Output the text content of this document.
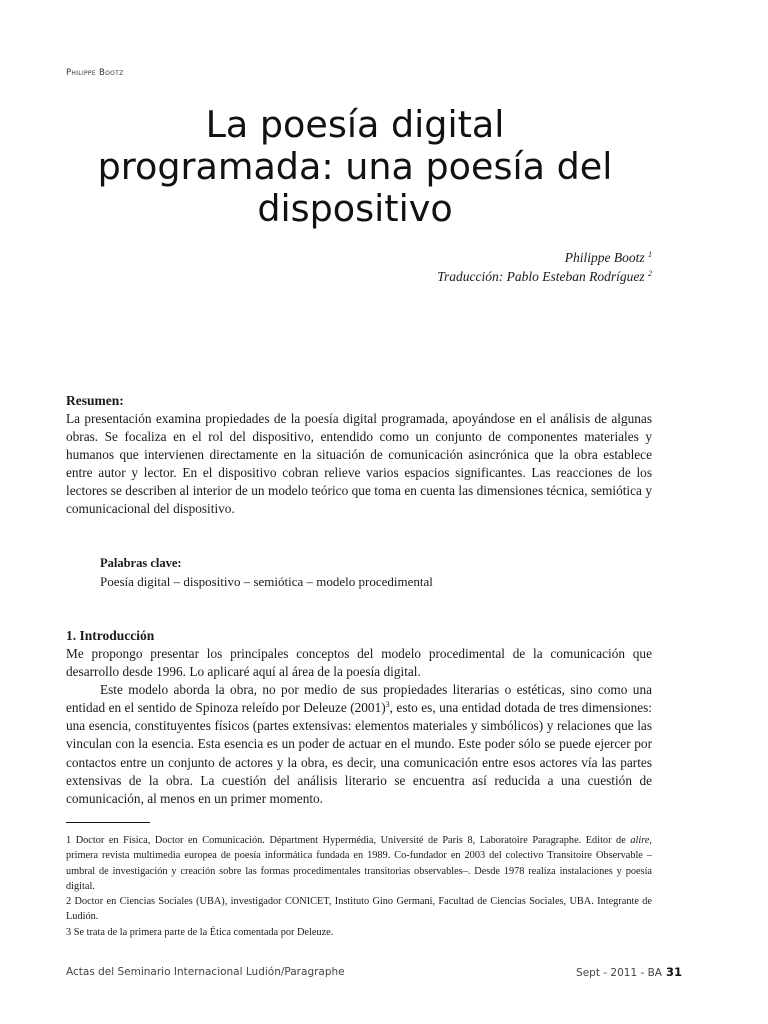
Philippe Bootz
La poesía digital
programada: una poesía del
dispositivo
Philippe Bootz $^1$
Traducción: Pablo Esteban Rodríguez $^2$

Resumen:

La presentación examina propiedades de la poesía digital programada, apoyándose en el análisis de algunas obras. Se focaliza en el rol del dispositivo, entendido como un conjunto de componentes materiales y humanos que intervienen directamente en la situación de comunicación asincrónica que la obra establece entre autor y lector. En el dispositivo cobran relieve varios espacios significantes. Las reacciones de los lectores se describen al interior de un modelo teórico que toma en cuenta las dimensiones técnica, semiótica y comunicacional del dispositivo.

Palabras clave:

Poesía digital – dispositivo – semiótica – modelo procedimental

1. Introducción

Me propongo presentar los principales conceptos del modelo procedimental de la comunicación que desarrollo desde 1996. Lo aplicaré aquí al área de la poesía digital.

Este modelo aborda la obra, no por medio de sus propiedades literarias o estéticas, sino como una entidad en el sentido de Spinoza releído por Deleuze (2001)$^3$, esto es, una entidad dotada de tres dimensiones: una esencia, constituyentes físicos (partes extensivas: elementos materiales y simbólicos) y relaciones que las vinculan con la esencia. Esta esencia es un poder de actuar en el mundo. Este poder sólo se puede ejercer por contactos entre un conjunto de actores y la obra, es decir, una comunicación entre esos actores vía las partes extensivas de la obra. La cuestión del análisis literario se encuentra así reducida a una cuestión de comunicación, al menos en un primer momento.

1 Doctor en Física, Doctor en Comunicación. Départment Hypermédia, Université de Paris 8, Laboratoire Paragraphe. Editor de alire, primera revista multimedia europea de poesía informática fundada en 1989. Co-fundador en 2003 del colectivo Transitoire Observable –umbral de investigación y creación sobre las formas procedimentales transitorias observables–. Desde 1978 realiza instalaciones y poesía digital.

2 Doctor en Ciencias Sociales (UBA), investigador CONICET, Instituto Gino Germani, Facultad de Ciencias Sociales, UBA. Integrante de Ludión.

3 Se trata de la primera parte de la Ética comentada por Deleuze.

Actas del Seminario Internacional Ludión/Paragraphe	Sept - 2011 - BA 31
